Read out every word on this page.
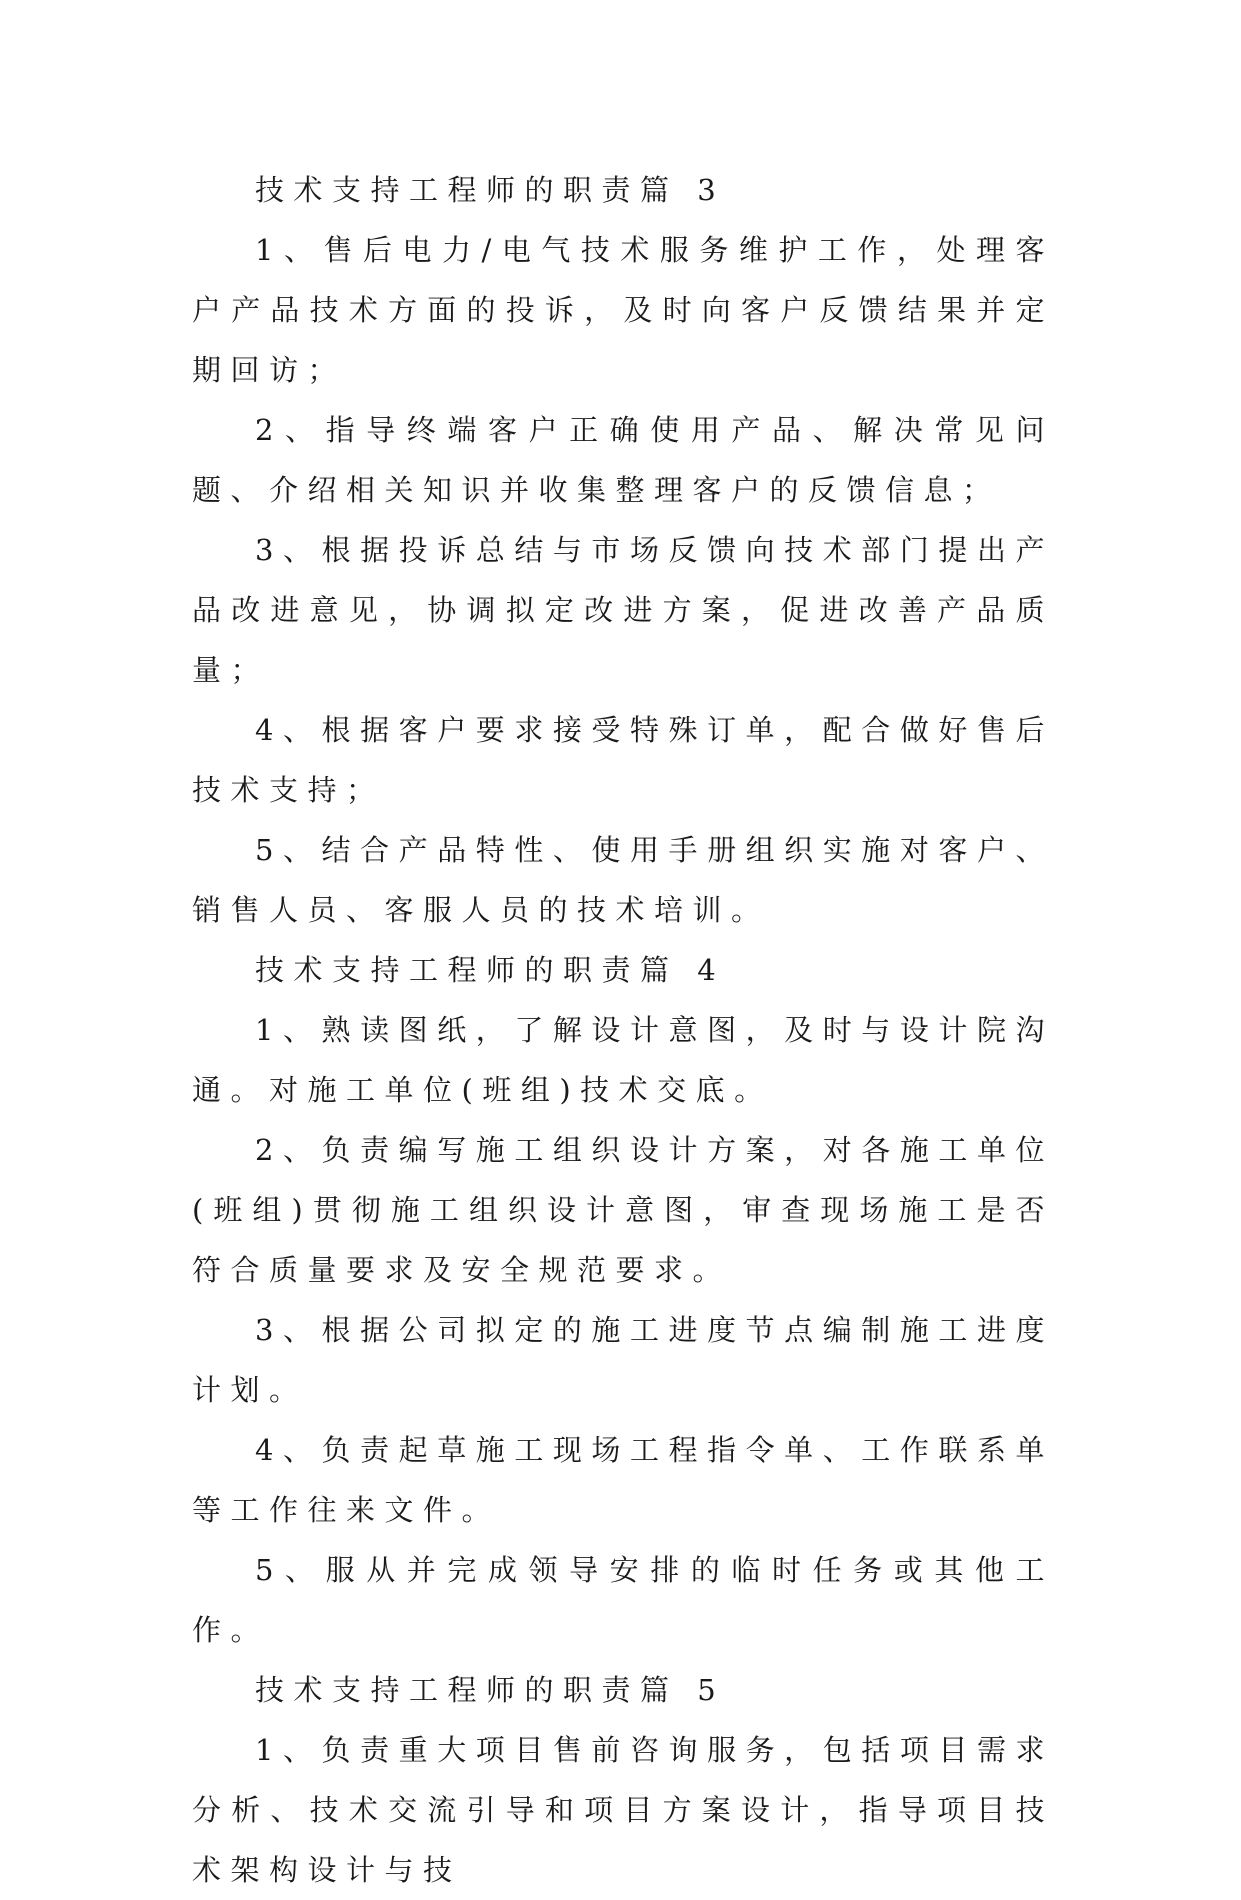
技术支持工程师的职责篇 3

1、售后电力/电气技术服务维护工作，处理客户产品技术方面的投诉，及时向客户反馈结果并定期回访；

2、指导终端客户正确使用产品、解决常见问题、介绍相关知识并收集整理客户的反馈信息；

3、根据投诉总结与市场反馈向技术部门提出产品改进意见，协调拟定改进方案，促进改善产品质量；

4、根据客户要求接受特殊订单，配合做好售后技术支持；

5、结合产品特性、使用手册组织实施对客户、销售人员、客服人员的技术培训。

技术支持工程师的职责篇 4

1、熟读图纸，了解设计意图，及时与设计院沟通。对施工单位(班组)技术交底。

2、负责编写施工组织设计方案，对各施工单位(班组)贯彻施工组织设计意图，审查现场施工是否符合质量要求及安全规范要求。

3、根据公司拟定的施工进度节点编制施工进度计划。

4、负责起草施工现场工程指令单、工作联系单等工作往来文件。

5、服从并完成领导安排的临时任务或其他工作。

技术支持工程师的职责篇 5

1、负责重大项目售前咨询服务，包括项目需求分析、技术交流引导和项目方案设计，指导项目技术架构设计与技
